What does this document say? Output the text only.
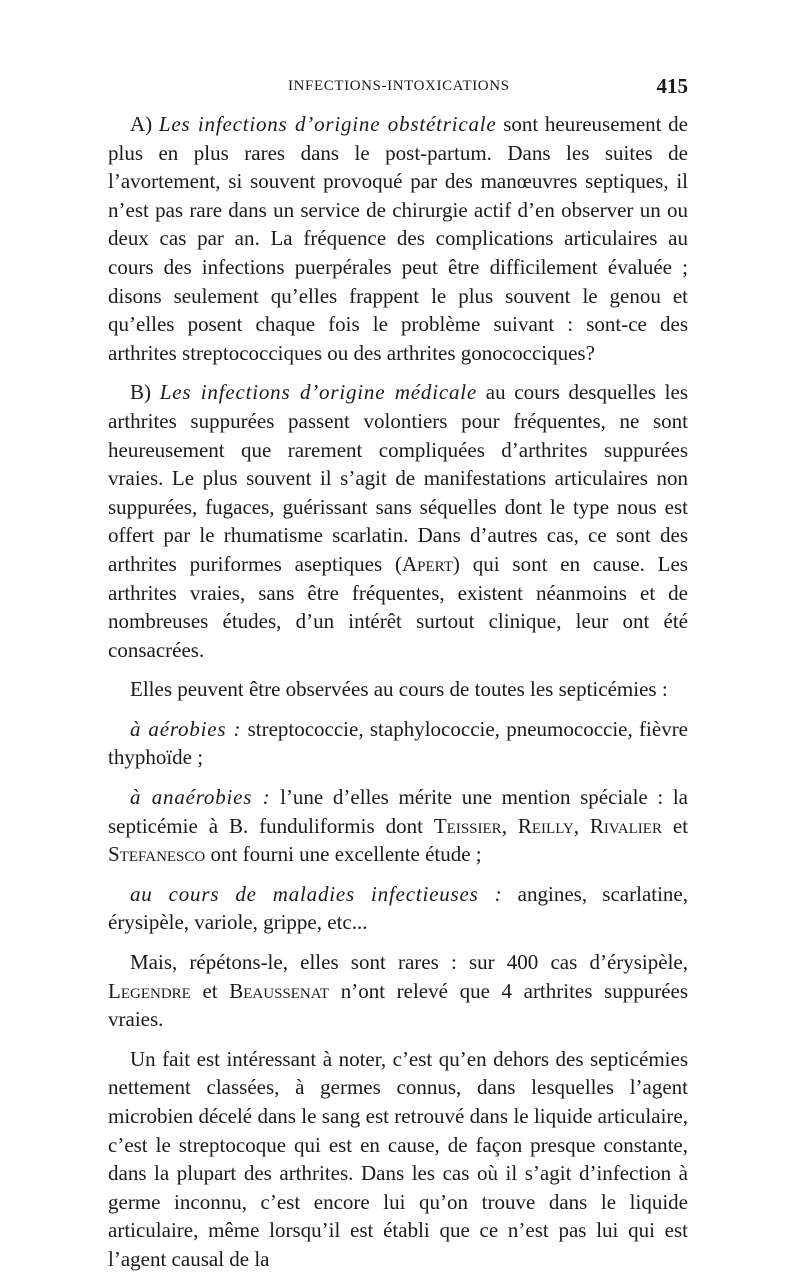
INFECTIONS-INTOXICATIONS	415

A) Les infections d’origine obstétricale sont heureusement de plus en plus rares dans le post-partum. Dans les suites de l’avortement, si souvent provoqué par des manœuvres septiques, il n’est pas rare dans un service de chirurgie actif d’en observer un ou deux cas par an. La fréquence des complications articulaires au cours des infections puerpérales peut être difficilement évaluée ; disons seulement qu’elles frappent le plus souvent le genou et qu’elles posent chaque fois le problème suivant : sont-ce des arthrites streptococciques ou des arthrites gonococciques?

B) Les infections d’origine médicale au cours desquelles les arthrites suppurées passent volontiers pour fréquentes, ne sont heureusement que rarement compliquées d’arthrites suppurées vraies. Le plus souvent il s’agit de manifestations articulaires non suppurées, fugaces, guérissant sans séquelles dont le type nous est offert par le rhumatisme scarlatin. Dans d’autres cas, ce sont des arthrites puriformes aseptiques (Apert) qui sont en cause. Les arthrites vraies, sans être fréquentes, existent néanmoins et de nombreuses études, d’un intérêt surtout clinique, leur ont été consacrées.

Elles peuvent être observées au cours de toutes les septicémies :

à aérobies : streptococcie, staphylococcie, pneumococcie, fièvre thyphoïde ;

à anaérobies : l’une d’elles mérite une mention spéciale : la septicémie à B. funduliformis dont Teissier, Reilly, Rivalier et Stefanesco ont fourni une excellente étude ;

au cours de maladies infectieuses : angines, scarlatine, érysipèle, variole, grippe, etc...

Mais, répétons-le, elles sont rares : sur 400 cas d’érysipèle, Legendre et Beaussenat n’ont relevé que 4 arthrites suppurées vraies.

Un fait est intéressant à noter, c’est qu’en dehors des septicémies nettement classées, à germes connus, dans lesquelles l’agent microbien décelé dans le sang est retrouvé dans le liquide articulaire, c’est le streptocoque qui est en cause, de façon presque constante, dans la plupart des arthrites. Dans les cas où il s’agit d’infection à germe inconnu, c’est encore lui qu’on trouve dans le liquide articulaire, même lorsqu’il est établi que ce n’est pas lui qui est l’agent causal de la
